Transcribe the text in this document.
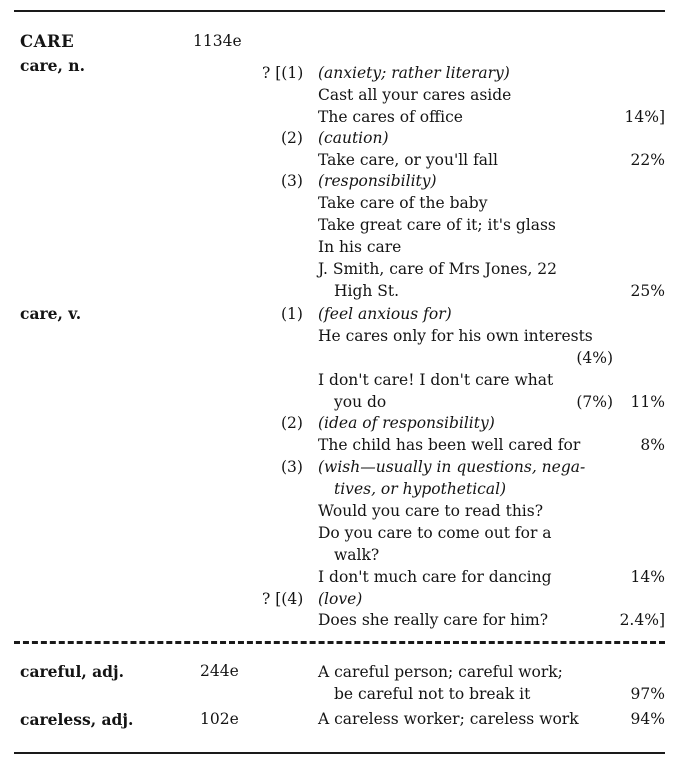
CARE	1134e
care, n.	? [(1) (anxiety; rather literary)
Cast all your cares aside
The cares of office	14%]
(2) (caution)
Take care, or you'll fall	22%
(3) (responsibility)
Take care of the baby
Take great care of it; it's glass
In his care
J. Smith, care of Mrs Jones, 22
High St.	25%
care, v.	(1) (feel anxious for)
He cares only for his own interests
(4%)
I don't care! I don't care what
you do	(7%) 11%
(2) (idea of responsibility)
The child has been well cared for	8%
(3) (wish—usually in questions, nega-
tives, or hypothetical)
Would you care to read this?
Do you care to come out for a
walk?
I don't much care for dancing	14%
? [(4) (love)
Does she really care for him?	2.4%]
careful, adj.	244e	A careful person; careful work;
be careful not to break it	97%
careless, adj.	102e	A careless worker; careless work	94%
